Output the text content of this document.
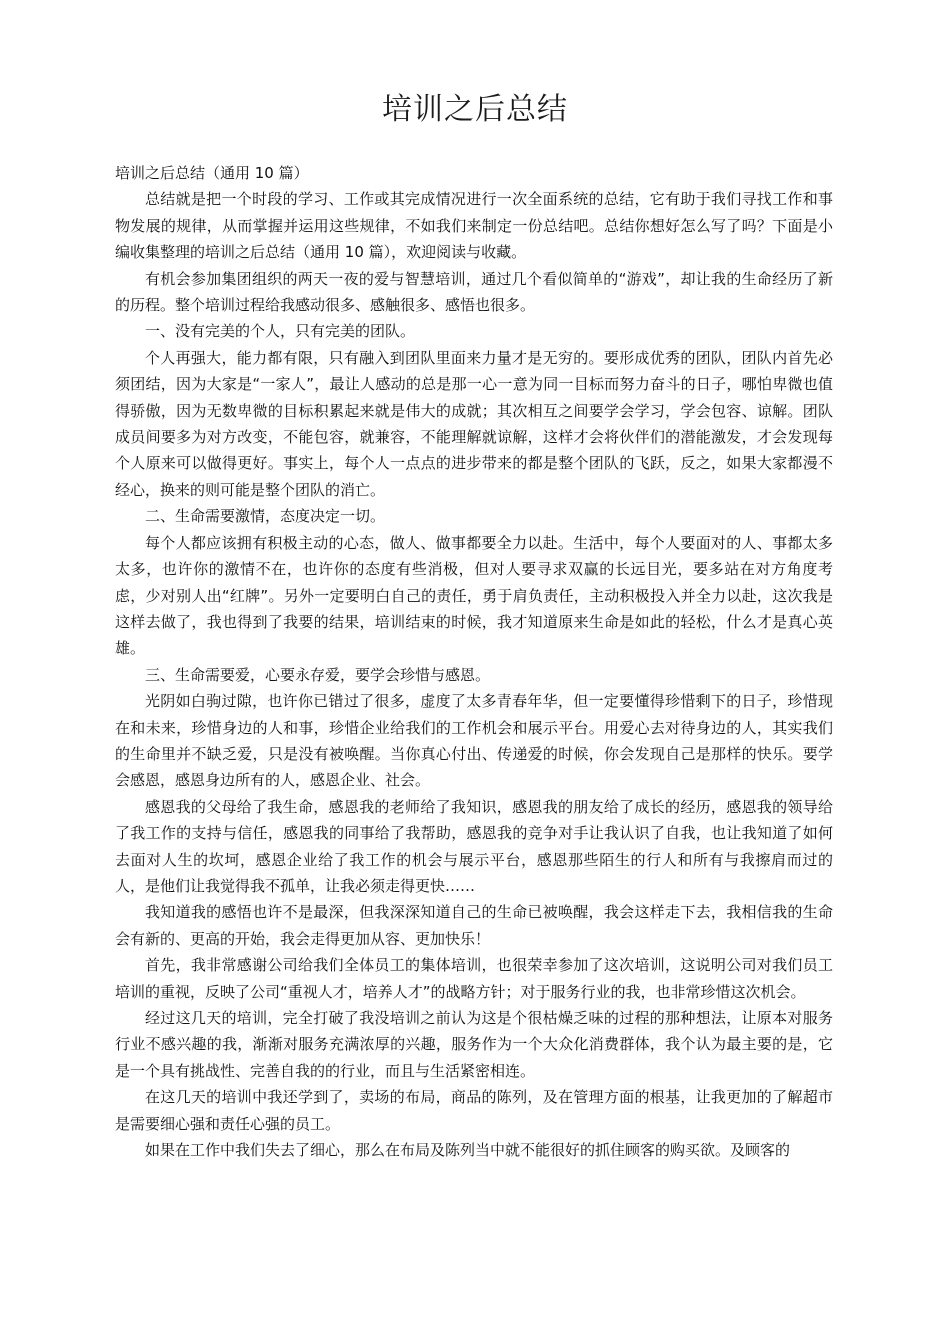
培训之后总结

培训之后总结（通用 10 篇）

总结就是把一个时段的学习、工作或其完成情况进行一次全面系统的总结，它有助于我们寻找工作和事物发展的规律，从而掌握并运用这些规律，不如我们来制定一份总结吧。总结你想好怎么写了吗？下面是小编收集整理的培训之后总结（通用 10 篇），欢迎阅读与收藏。

有机会参加集团组织的两天一夜的爱与智慧培训，通过几个看似简单的“游戏”，却让我的生命经历了新的历程。整个培训过程给我感动很多、感触很多、感悟也很多。

一、没有完美的个人，只有完美的团队。

个人再强大，能力都有限，只有融入到团队里面来力量才是无穷的。要形成优秀的团队，团队内首先必须团结，因为大家是“一家人”，最让人感动的总是那一心一意为同一目标而努力奋斗的日子，哪怕卑微也值得骄傲，因为无数卑微的目标积累起来就是伟大的成就；其次相互之间要学会学习，学会包容、谅解。团队成员间要多为对方改变，不能包容，就兼容，不能理解就谅解，这样才会将伙伴们的潜能激发，才会发现每个人原来可以做得更好。事实上，每个人一点点的进步带来的都是整个团队的飞跃，反之，如果大家都漫不经心，换来的则可能是整个团队的消亡。

二、生命需要激情，态度决定一切。

每个人都应该拥有积极主动的心态，做人、做事都要全力以赴。生活中，每个人要面对的人、事都太多太多，也许你的激情不在，也许你的态度有些消极，但对人要寻求双赢的长远目光，要多站在对方角度考虑，少对别人出“红牌”。另外一定要明白自己的责任，勇于肩负责任，主动积极投入并全力以赴，这次我是这样去做了，我也得到了我要的结果，培训结束的时候，我才知道原来生命是如此的轻松，什么才是真心英雄。

三、生命需要爱，心要永存爱，要学会珍惜与感恩。

光阴如白驹过隙，也许你已错过了很多，虚度了太多青春年华，但一定要懂得珍惜剩下的日子，珍惜现在和未来，珍惜身边的人和事，珍惜企业给我们的工作机会和展示平台。用爱心去对待身边的人，其实我们的生命里并不缺乏爱，只是没有被唤醒。当你真心付出、传递爱的时候，你会发现自己是那样的快乐。要学会感恩，感恩身边所有的人，感恩企业、社会。

感恩我的父母给了我生命，感恩我的老师给了我知识，感恩我的朋友给了成长的经历，感恩我的领导给了我工作的支持与信任，感恩我的同事给了我帮助，感恩我的竞争对手让我认识了自我，也让我知道了如何去面对人生的坎坷，感恩企业给了我工作的机会与展示平台，感恩那些陌生的行人和所有与我擦肩而过的人，是他们让我觉得我不孤单，让我必须走得更快……

我知道我的感悟也许不是最深，但我深深知道自己的生命已被唤醒，我会这样走下去，我相信我的生命会有新的、更高的开始，我会走得更加从容、更加快乐！

首先，我非常感谢公司给我们全体员工的集体培训，也很荣幸参加了这次培训，这说明公司对我们员工培训的重视，反映了公司“重视人才，培养人才”的战略方针；对于服务行业的我，也非常珍惜这次机会。

经过这几天的培训，完全打破了我没培训之前认为这是个很枯燥乏味的过程的那种想法，让原本对服务行业不感兴趣的我，渐渐对服务充满浓厚的兴趣，服务作为一个大众化消费群体，我个认为最主要的是，它是一个具有挑战性、完善自我的的行业，而且与生活紧密相连。

在这几天的培训中我还学到了，卖场的布局，商品的陈列，及在管理方面的根基，让我更加的了解超市是需要细心强和责任心强的员工。

如果在工作中我们失去了细心，那么在布局及陈列当中就不能很好的抓住顾客的购买欲。及顾客的
